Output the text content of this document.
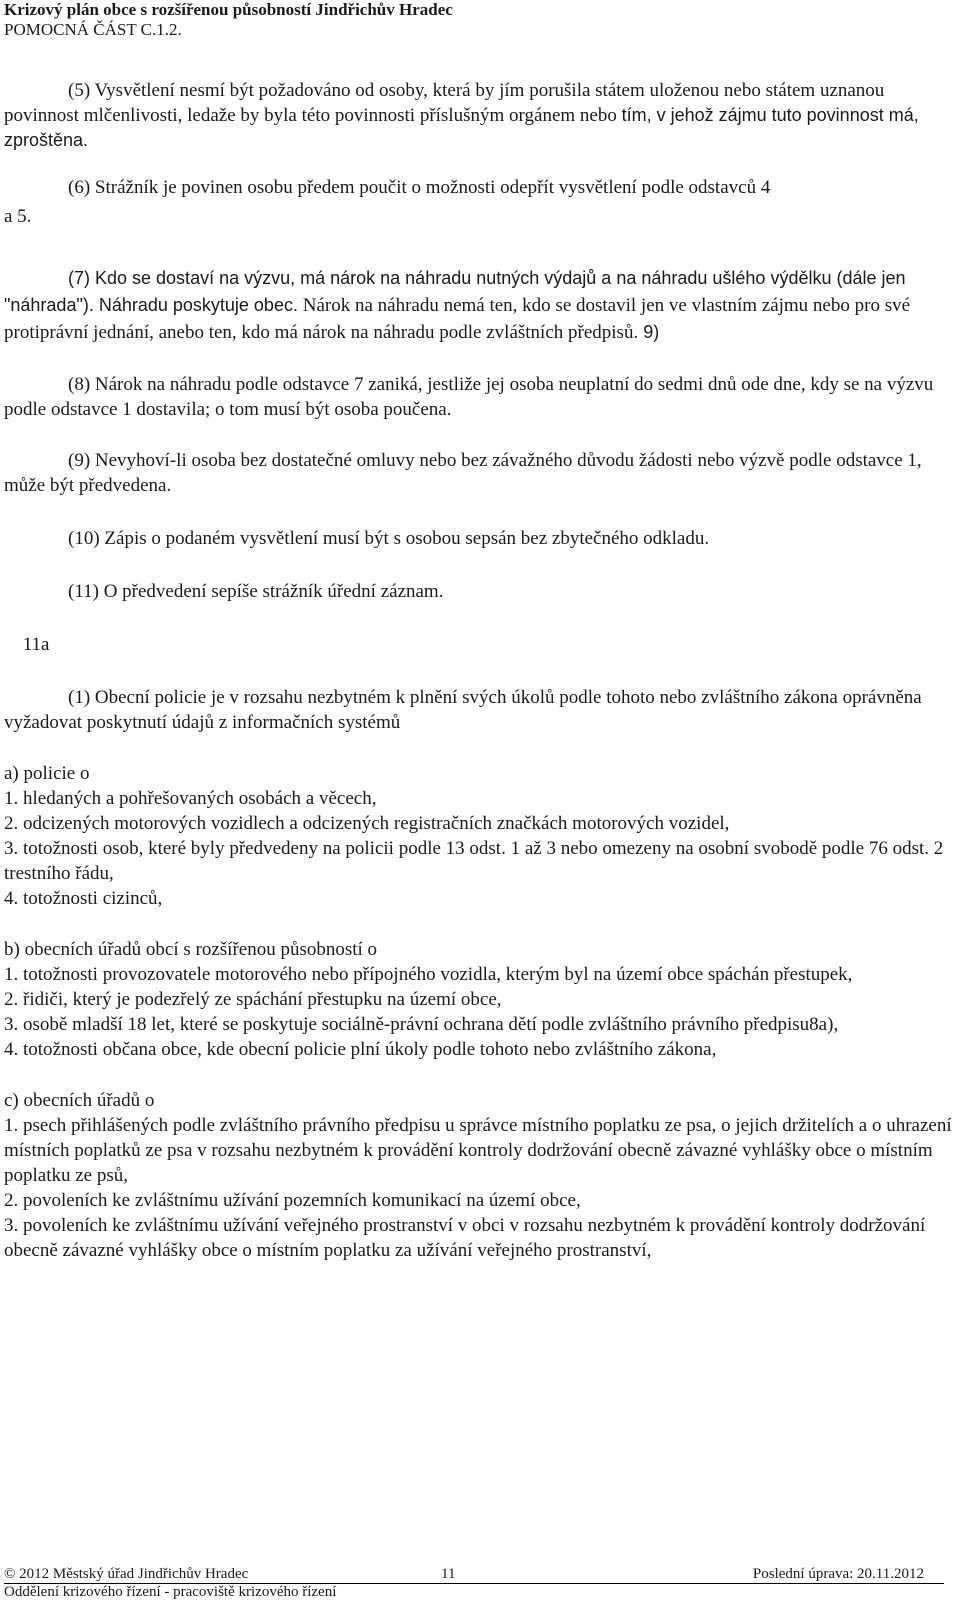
Krizový plán obce s rozšířenou působností Jindřichův Hradec
POMOCNÁ ČÁST C.1.2.

(5) Vysvětlení nesmí být požadováno od osoby, která by jím porušila státem uloženou nebo státem uznanou povinnost mlčenlivosti, ledaže by byla této povinnosti příslušným orgánem nebo tím, v jehož zájmu tuto povinnost má, zproštěna.

(6) Strážník je povinen osobu předem poučit o možnosti odepřít vysvětlení podle odstavců 4

a 5.

(7) Kdo se dostaví na výzvu, má nárok na náhradu nutných výdajů a na náhradu ušlého výdělku (dále jen "náhrada"). Náhradu poskytuje obec. Nárok na náhradu nemá ten, kdo se dostavil jen ve vlastním zájmu nebo pro své protiprávní jednání, anebo ten, kdo má nárok na náhradu podle zvláštních předpisů. 9)

(8) Nárok na náhradu podle odstavce 7 zaniká, jestliže jej osoba neuplatní do sedmi dnů ode dne, kdy se na výzvu podle odstavce 1 dostavila; o tom musí být osoba poučena.

(9) Nevyhoví-li osoba bez dostatečné omluvy nebo bez závažného důvodu žádosti nebo výzvě podle odstavce 1, může být předvedena.

(10) Zápis o podaném vysvětlení musí být s osobou sepsán bez zbytečného odkladu.

(11) O předvedení sepíše strážník úřední záznam.

11a

(1) Obecní policie je v rozsahu nezbytném k plnění svých úkolů podle tohoto nebo zvláštního zákona oprávněna vyžadovat poskytnutí údajů z informačních systémů

a) policie o

1. hledaných a pohřešovaných osobách a věcech,

2. odcizených motorových vozidlech a odcizených registračních značkách motorových vozidel,

3. totožnosti osob, které byly předvedeny na policii podle 13 odst. 1 až 3 nebo omezeny na osobní svobodě podle 76 odst. 2 trestního řádu,

4. totožnosti cizinců,

b) obecních úřadů obcí s rozšířenou působností o

1. totožnosti provozovatele motorového nebo přípojného vozidla, kterým byl na území obce spáchán přestupek,

2. řidiči, který je podezřelý ze spáchání přestupku na území obce,

3. osobě mladší 18 let, které se poskytuje sociálně-právní ochrana dětí podle zvláštního právního předpisu8a),

4. totožnosti občana obce, kde obecní policie plní úkoly podle tohoto nebo zvláštního zákona,

c) obecních úřadů o

1. psech přihlášených podle zvláštního právního předpisu u správce místního poplatku ze psa, o jejich držitelích a o uhrazení místních poplatků ze psa v rozsahu nezbytném k provádění kontroly dodržování obecně závazné vyhlášky obce o místním poplatku ze psů,

2. povoleních ke zvláštnímu užívání pozemních komunikací na území obce,

3. povoleních ke zvláštnímu užívání veřejného prostranství v obci v rozsahu nezbytném k provádění kontroly dodržování obecně závazné vyhlášky obce o místním poplatku za užívání veřejného prostranství,

© 2012 Městský úřad Jindřichův Hradec	11	Poslední úprava: 20.11.2012
Oddělení krizového řízení - pracoviště krizového řízení
